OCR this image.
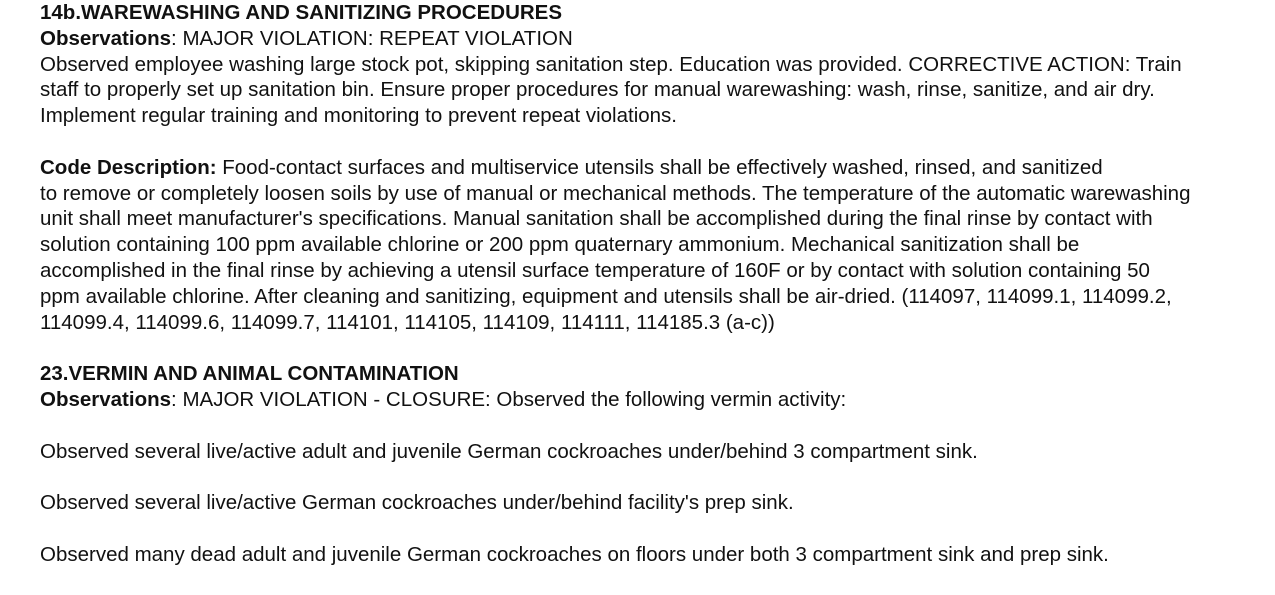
14b.WAREWASHING AND SANITIZING PROCEDURES
Observations: MAJOR VIOLATION: REPEAT VIOLATION
Observed employee washing large stock pot, skipping sanitation step. Education was provided. CORRECTIVE ACTION: Train
staff to properly set up sanitation bin. Ensure proper procedures for manual warewashing: wash, rinse, sanitize, and air dry.
Implement regular training and monitoring to prevent repeat violations.
Code Description: Food-contact surfaces and multiservice utensils shall be effectively washed, rinsed, and sanitized
to remove or completely loosen soils by use of manual or mechanical methods. The temperature of the automatic warewashing
unit shall meet manufacturer's specifications. Manual sanitation shall be accomplished during the final rinse by contact with
solution containing 100 ppm available chlorine or 200 ppm quaternary ammonium. Mechanical sanitization shall be
accomplished in the final rinse by achieving a utensil surface temperature of 160F or by contact with solution containing 50
ppm available chlorine. After cleaning and sanitizing, equipment and utensils shall be air-dried. (114097, 114099.1, 114099.2,
114099.4, 114099.6, 114099.7, 114101, 114105, 114109, 114111, 114185.3 (a-c))
23.VERMIN AND ANIMAL CONTAMINATION
Observations: MAJOR VIOLATION - CLOSURE: Observed the following vermin activity:
Observed several live/active adult and juvenile German cockroaches under/behind 3 compartment sink.
Observed several live/active German cockroaches under/behind facility's prep sink.
Observed many dead adult and juvenile German cockroaches on floors under both 3 compartment sink and prep sink.
